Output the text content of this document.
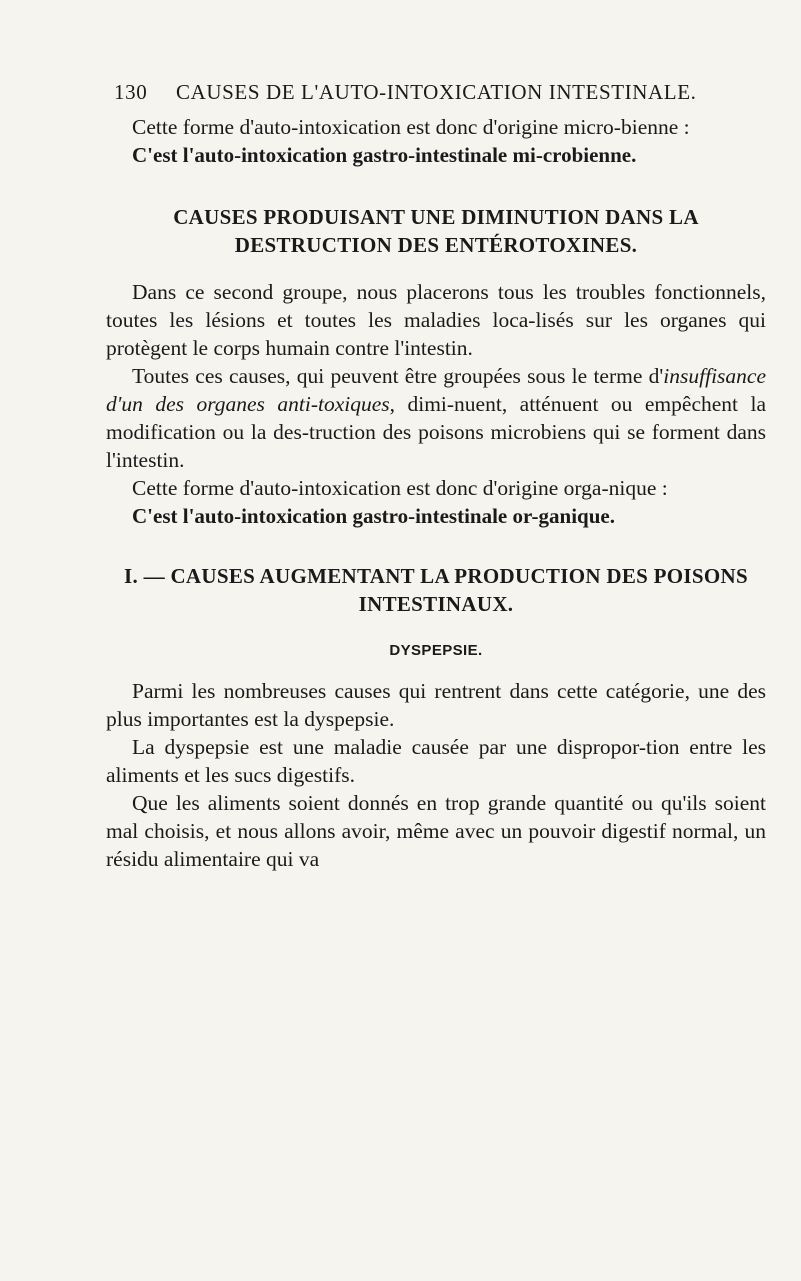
130	CAUSES DE L'AUTO-INTOXICATION INTESTINALE.

Cette forme d'auto-intoxication est donc d'origine micro-bienne :

C'est l'auto-intoxication gastro-intestinale mi-crobienne.

CAUSES PRODUISANT UNE DIMINUTION DANS LA DESTRUCTION DES ENTÉROTOXINES.

Dans ce second groupe, nous placerons tous les troubles fonctionnels, toutes les lésions et toutes les maladies loca-lisés sur les organes qui protègent le corps humain contre l'intestin.

Toutes ces causes, qui peuvent être groupées sous le terme d'insuffisance d'un des organes anti-toxiques, dimi-nuent, atténuent ou empêchent la modification ou la des-truction des poisons microbiens qui se forment dans l'intestin.

Cette forme d'auto-intoxication est donc d'origine orga-nique :

C'est l'auto-intoxication gastro-intestinale or-ganique.

I. — CAUSES AUGMENTANT LA PRODUCTION DES POISONS INTESTINAUX.

DYSPEPSIE.

Parmi les nombreuses causes qui rentrent dans cette catégorie, une des plus importantes est la dyspepsie.

La dyspepsie est une maladie causée par une dispropor-tion entre les aliments et les sucs digestifs.

Que les aliments soient donnés en trop grande quantité ou qu'ils soient mal choisis, et nous allons avoir, même avec un pouvoir digestif normal, un résidu alimentaire qui va
